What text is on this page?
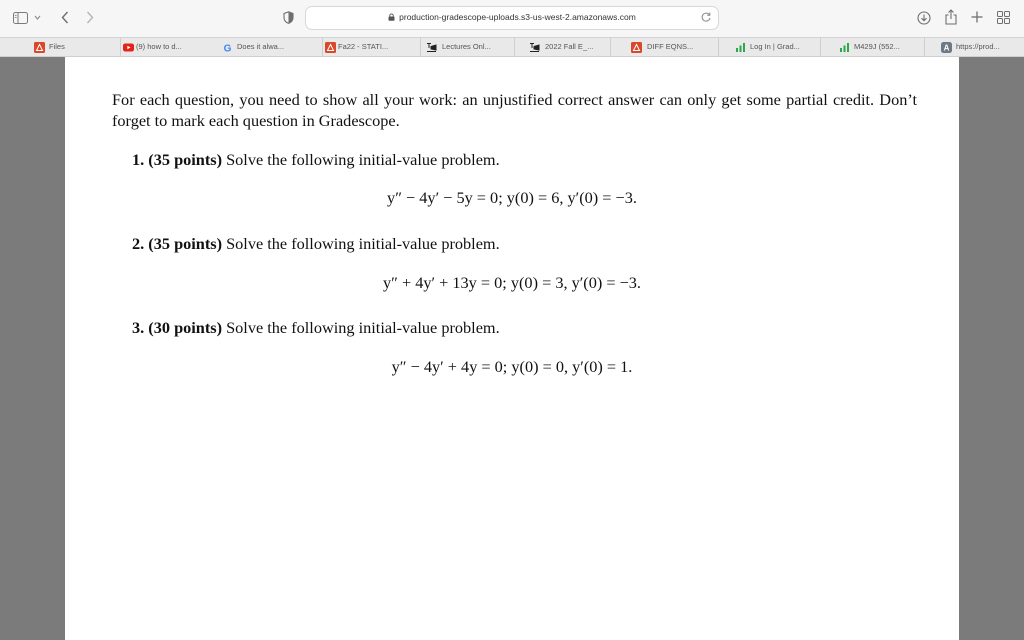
production-gradescope-uploads.s3-us-west-2.amazonaws.com
Files	(9) how to d...	G Does it alwa...	Fa22 - STATI...	Lectures Onl...	2022 Fall E_...	DIFF EQNS...	Log In | Grad...	M429J (552...	A https://prod...

For each question, you need to show all your work: an unjustified correct answer can only get some partial credit. Don’t forget to mark each question in Gradescope.

1. (35 points) Solve the following initial-value problem.
y″ − 4y′ − 5y = 0; y(0) = 6, y′(0) = −3.
2. (35 points) Solve the following initial-value problem.
y″ + 4y′ + 13y = 0; y(0) = 3, y′(0) = −3.
3. (30 points) Solve the following initial-value problem.
y″ − 4y′ + 4y = 0; y(0) = 0, y′(0) = 1.
